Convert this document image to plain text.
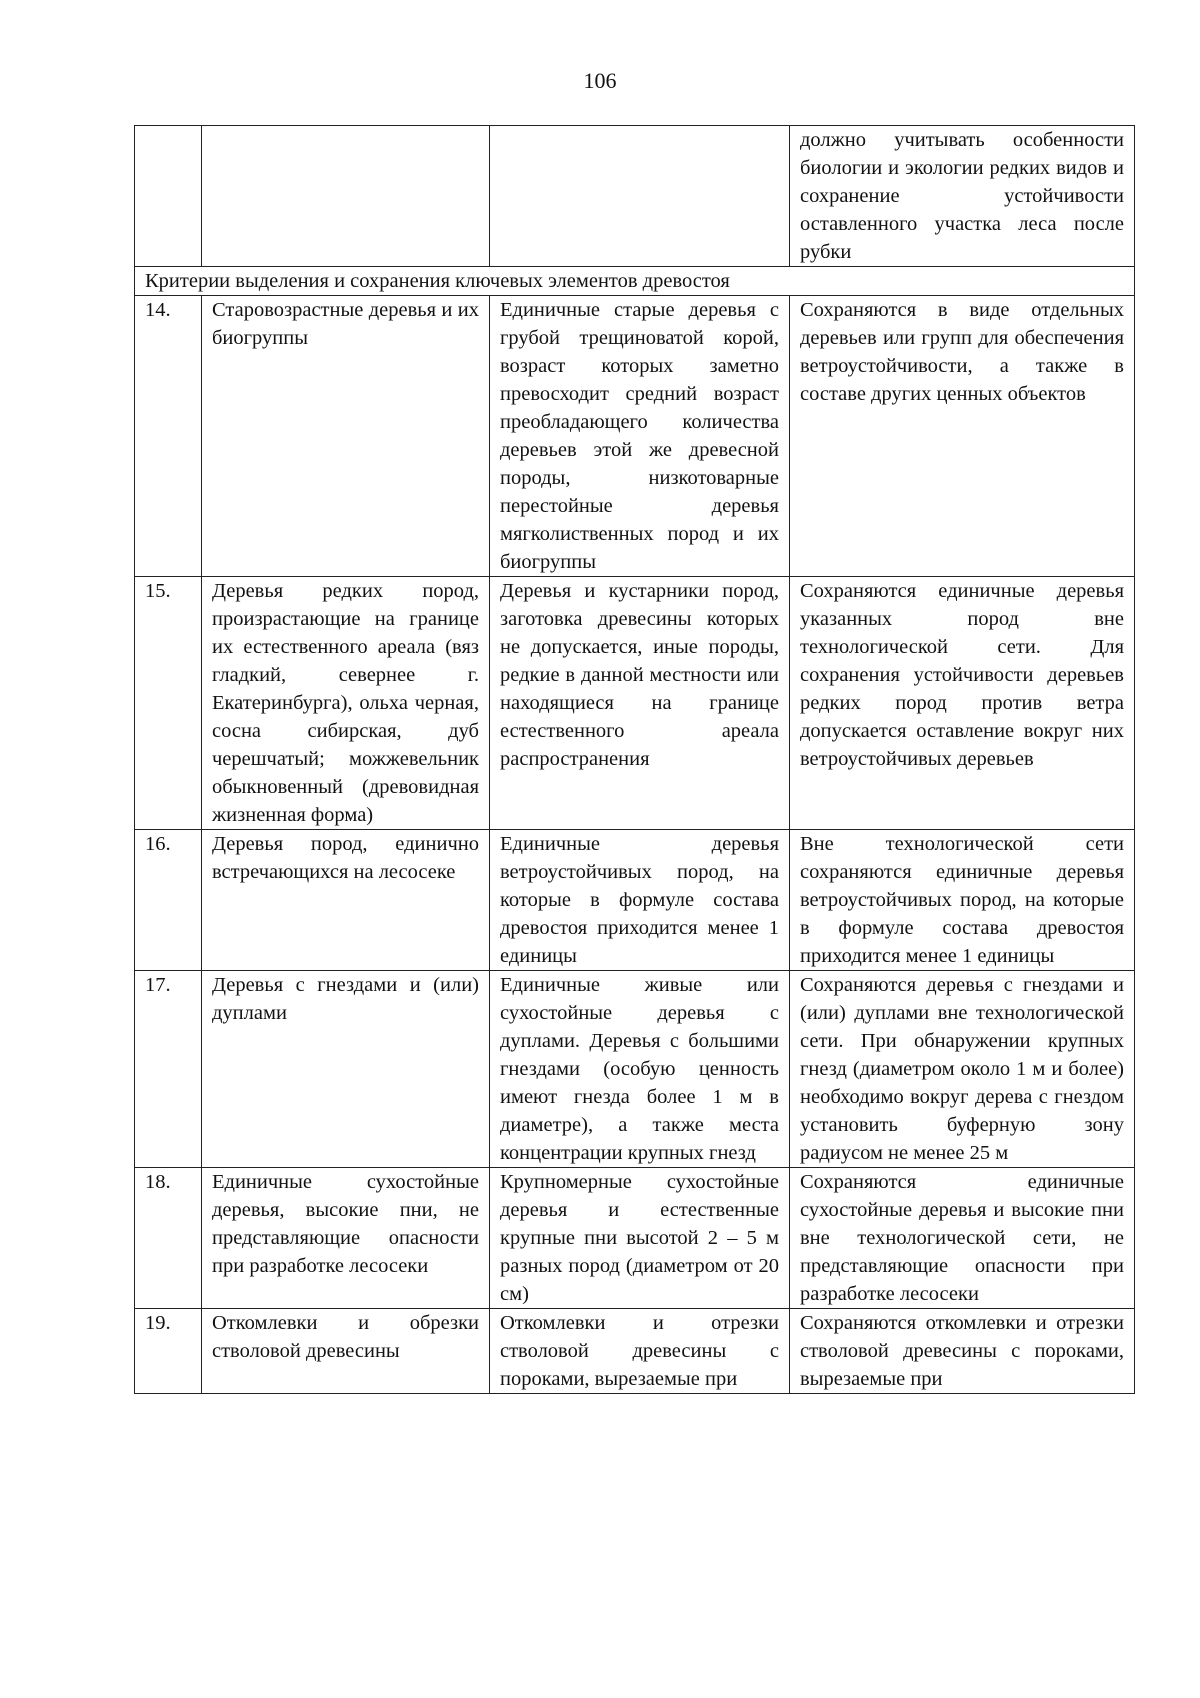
106
			должно учитывать особенности биологии и экологии редких видов и сохранение устойчивости оставленного участка леса после рубки
Критерии выделения и сохранения ключевых элементов древостоя			
14.	Старовозрастные деревья и их биогруппы	Единичные старые деревья с грубой трещиноватой корой, возраст которых заметно превосходит средний возраст преобладающего количества деревьев этой же древесной породы, низкотоварные перестойные деревья мягколиственных пород и их биогруппы	Сохраняются в виде отдельных деревьев или групп для обеспечения ветроустойчивости, а также в составе других ценных объектов
15.	Деревья редких пород, произрастающие на границе их естественного ареала (вяз гладкий, севернее г. Екатеринбурга), ольха черная, сосна сибирская, дуб черешчатый; можжевельник обыкновенный (древовидная жизненная форма)	Деревья и кустарники пород, заготовка древесины которых не допускается, иные породы, редкие в данной местности или находящиеся на границе естественного ареала распространения	Сохраняются единичные деревья указанных пород вне технологической сети. Для сохранения устойчивости деревьев редких пород против ветра допускается оставление вокруг них ветроустойчивых деревьев
16.	Деревья пород, единично встречающихся на лесосеке	Единичные деревья ветроустойчивых пород, на которые в формуле состава древостоя приходится менее 1 единицы	Вне технологической сети сохраняются единичные деревья ветроустойчивых пород, на которые в формуле состава древостоя приходится менее 1 единицы
17.	Деревья с гнездами и (или) дуплами	Единичные живые или сухостойные деревья с дуплами. Деревья с большими гнездами (особую ценность имеют гнезда более 1 м в диаметре), а также места концентрации крупных гнезд	Сохраняются деревья с гнездами и (или) дуплами вне технологической сети. При обнаружении крупных гнезд (диаметром около 1 м и более) необходимо вокруг дерева с гнездом установить буферную зону радиусом не менее 25 м
18.	Единичные сухостойные деревья, высокие пни, не представляющие опасности при разработке лесосеки	Крупномерные сухостойные деревья и естественные крупные пни высотой 2 – 5 м разных пород (диаметром от 20 см)	Сохраняются единичные сухостойные деревья и высокие пни вне технологической сети, не представляющие опасности при разработке лесосеки
19.	Откомлевки и обрезки стволовой древесины	Откомлевки и отрезки стволовой древесины с пороками, вырезаемые при	Сохраняются откомлевки и отрезки стволовой древесины с пороками, вырезаемые при
